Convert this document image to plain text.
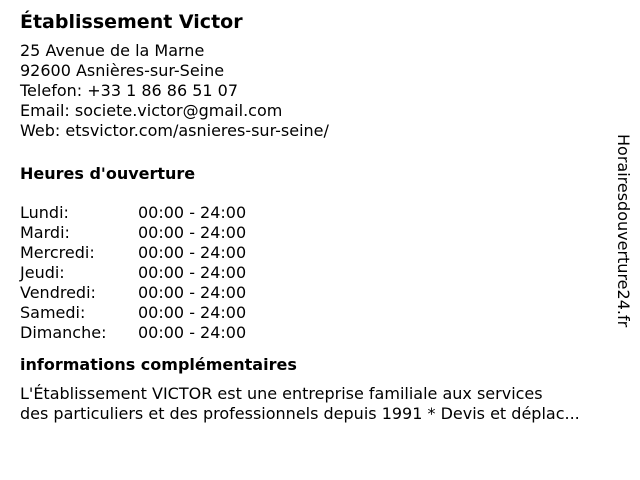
Établissement Victor
25 Avenue de la Marne
92600 Asnières-sur-Seine
Telefon: +33 1 86 86 51 07
Email: societe.victor@gmail.com
Web: etsvictor.com/asnieres-sur-seine/
Heures d'ouverture
Lundi:	00:00 - 24:00
Mardi:	00:00 - 24:00
Mercredi:	00:00 - 24:00
Jeudi:	00:00 - 24:00
Vendredi:	00:00 - 24:00
Samedi:	00:00 - 24:00
Dimanche: 00:00 - 24:00
informations complémentaires
L'Établissement VICTOR est une entreprise familiale aux services
des particuliers et des professionnels depuis 1991 * Devis et déplac...
Horairesdouverture24.fr
